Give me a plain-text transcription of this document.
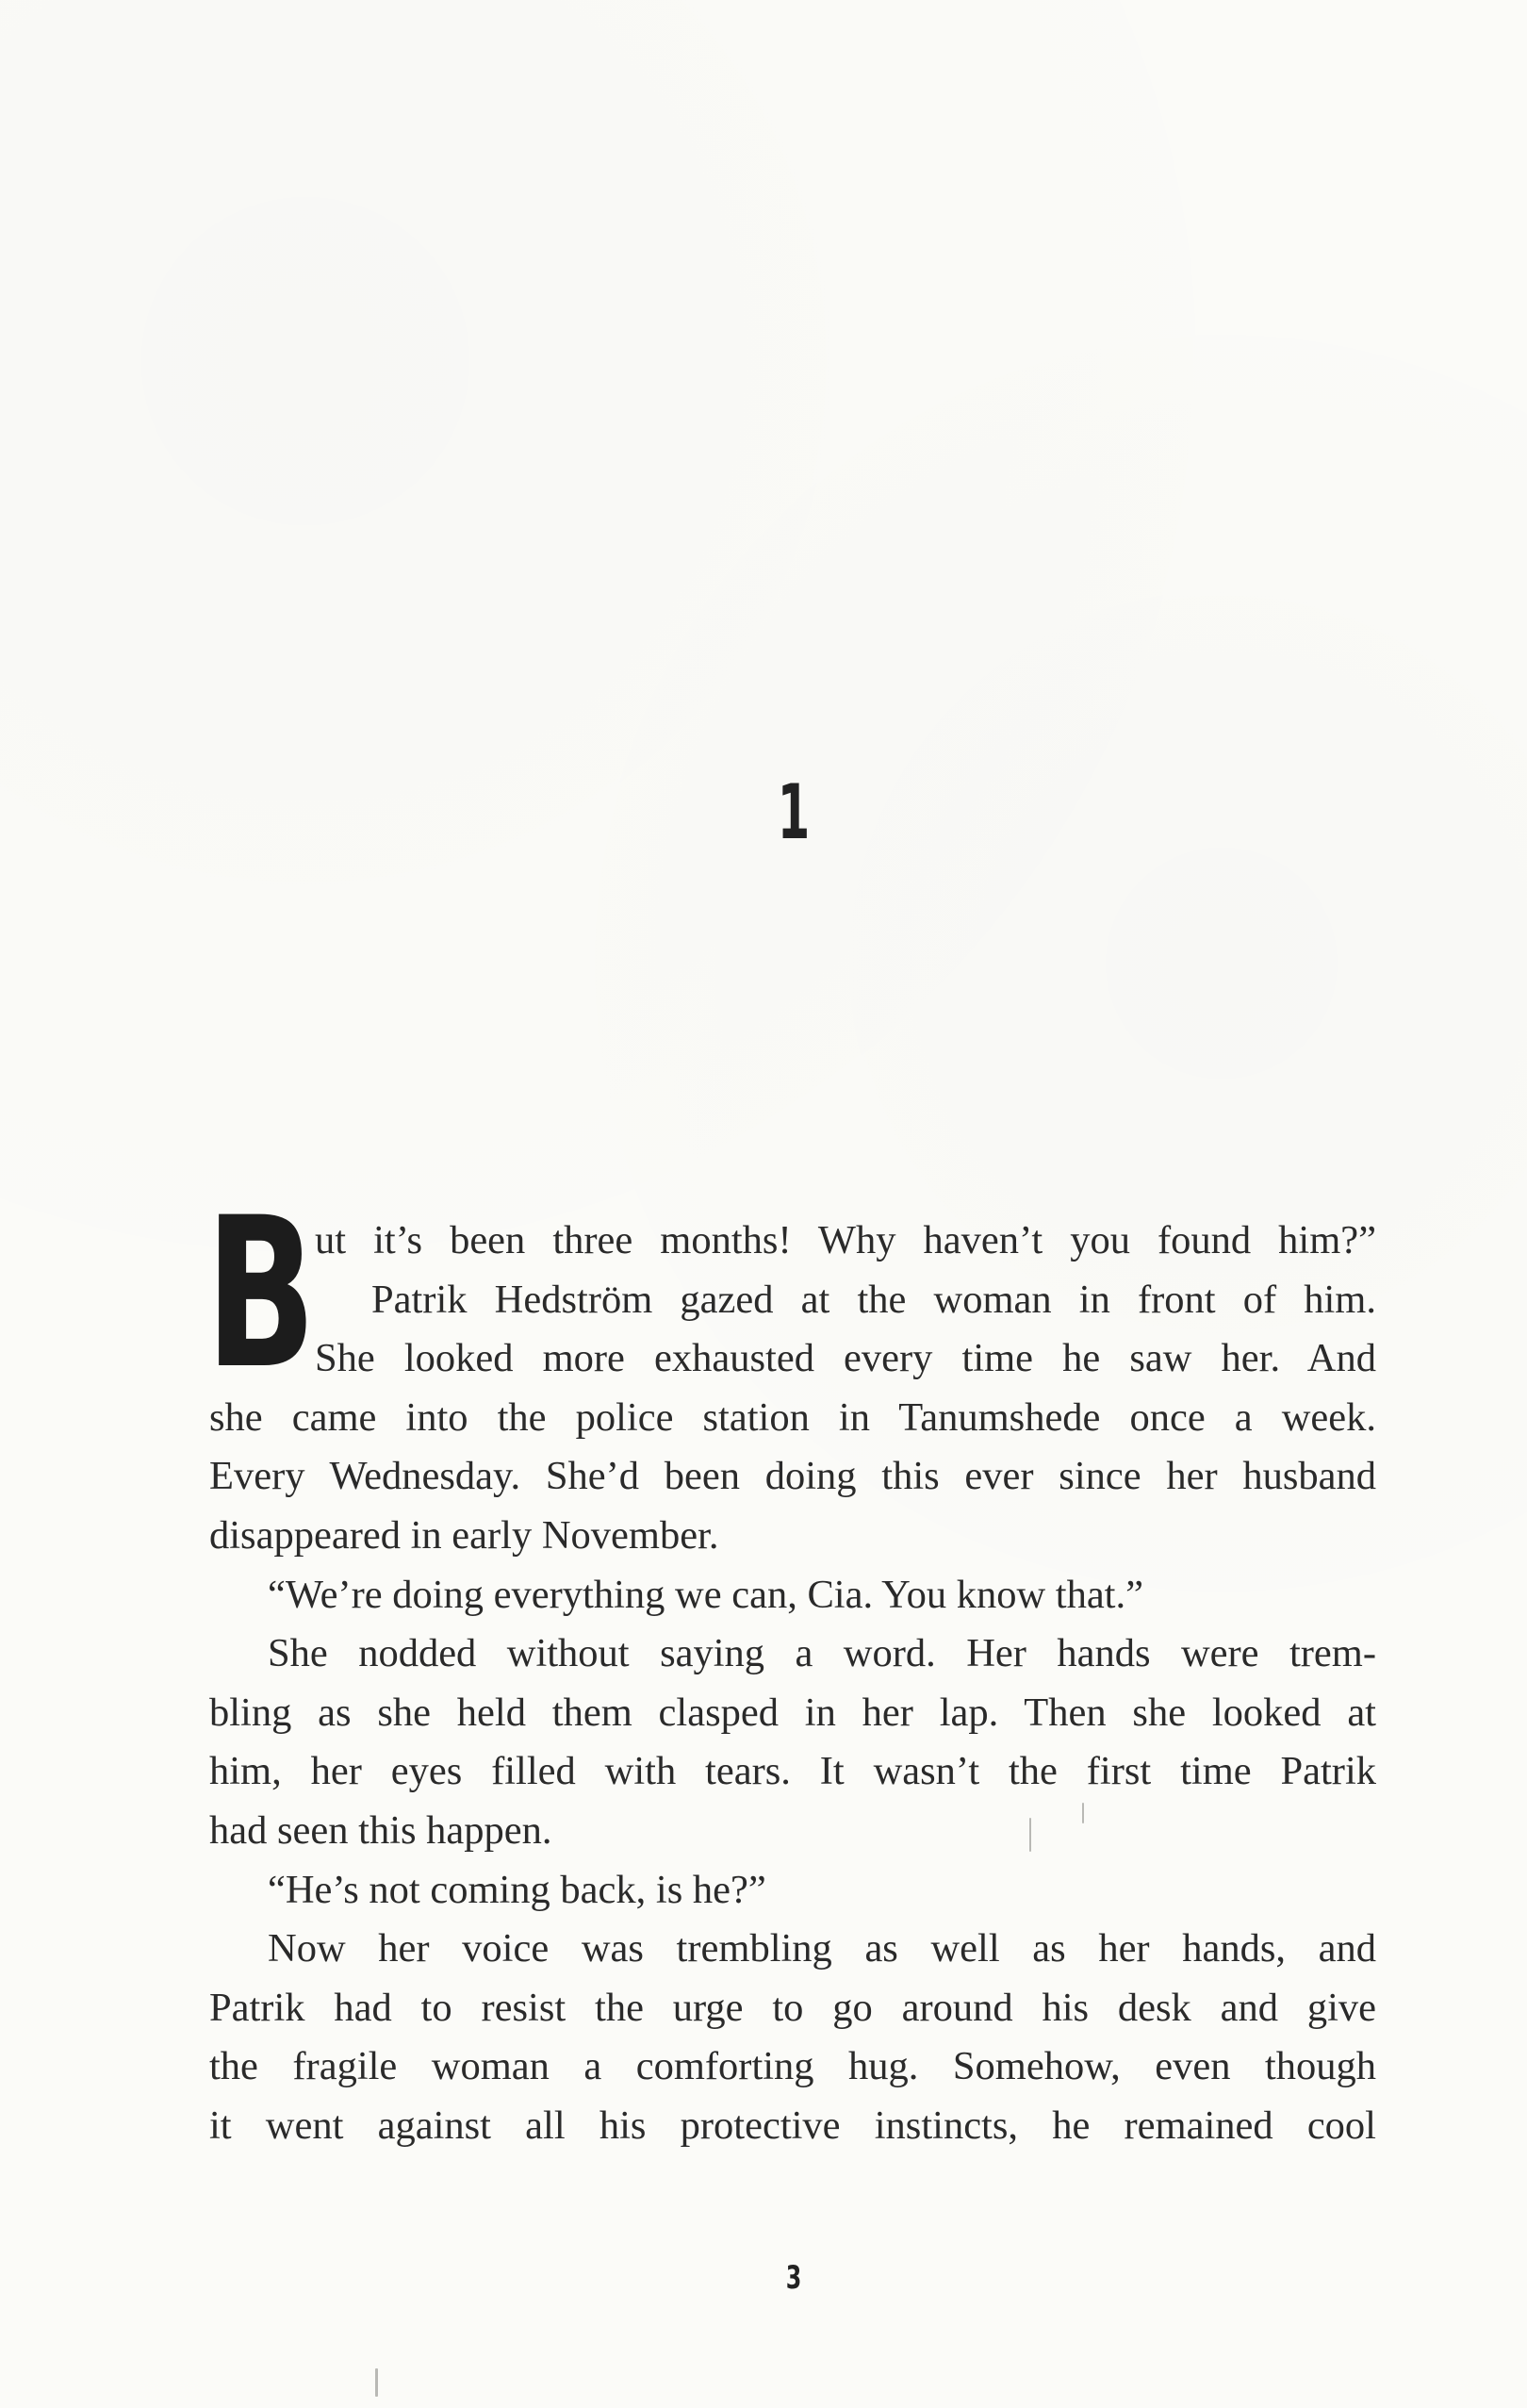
1
B
ut it’s been three months! Why haven’t you found him?”
Patrik Hedström gazed at the woman in front of him.
She looked more exhausted every time he saw her. And
she came into the police station in Tanumshede once a week.
Every Wednesday. She’d been doing this ever since her husband
disappeared in early November.
“We’re doing everything we can, Cia. You know that.”
She nodded without saying a word. Her hands were trem-
bling as she held them clasped in her lap. Then she looked at
him, her eyes filled with tears. It wasn’t the first time Patrik
had seen this happen.
“He’s not coming back, is he?”
Now her voice was trembling as well as her hands, and
Patrik had to resist the urge to go around his desk and give
the fragile woman a comforting hug. Somehow, even though
it went against all his protective instincts, he remained cool
3
